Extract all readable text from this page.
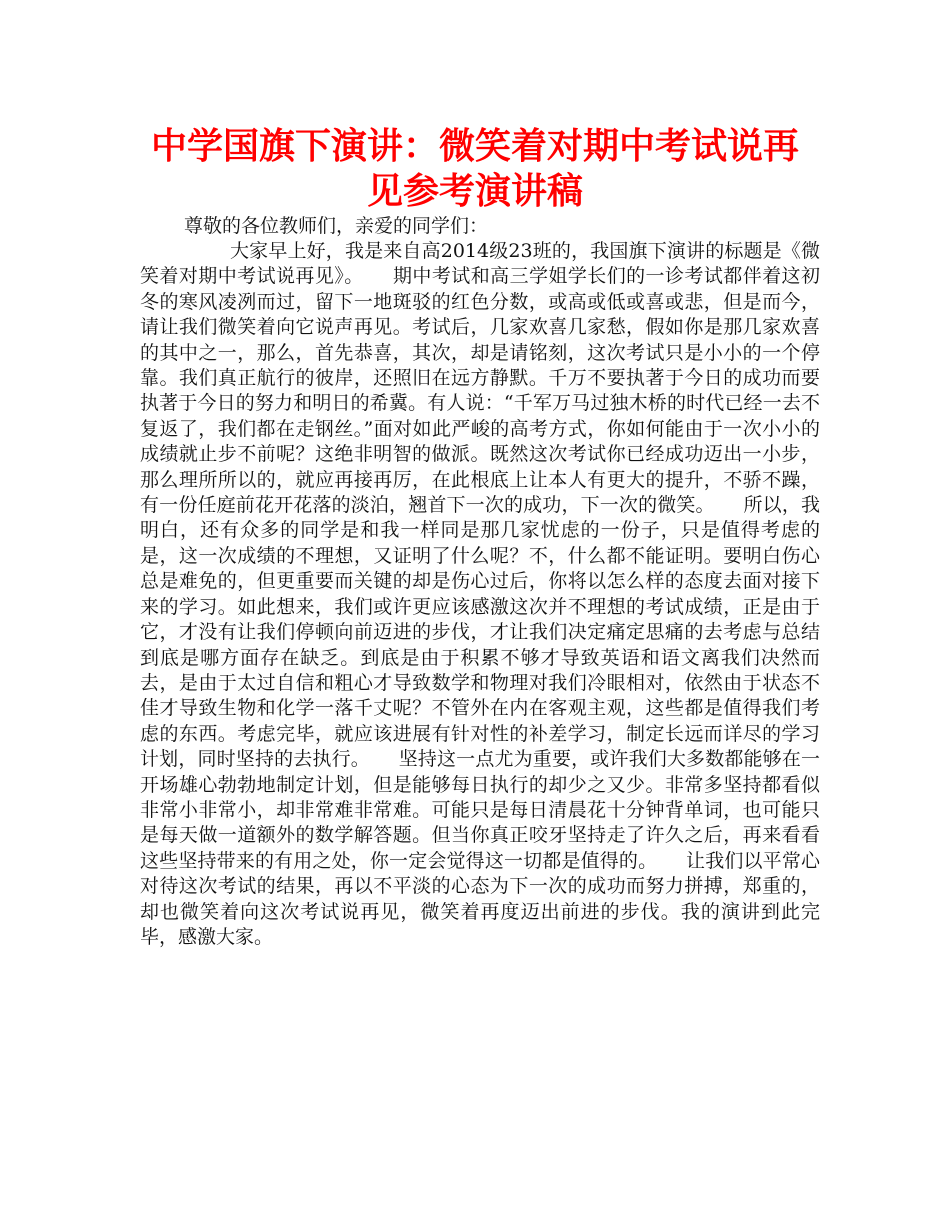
中学国旗下演讲：微笑着对期中考试说再见参考演讲稿

尊敬的各位教师们，亲爱的同学们：

大家早上好，我是来自高2014级23班的，我国旗下演讲的标题是《微笑着对期中考试说再见》。　　期中考试和高三学姐学长们的一诊考试都伴着这初冬的寒风凌冽而过，留下一地斑驳的红色分数，或高或低或喜或悲，但是而今，请让我们微笑着向它说声再见。考试后，几家欢喜几家愁，假如你是那几家欢喜的其中之一，那么，首先恭喜，其次，却是请铭刻，这次考试只是小小的一个停靠。我们真正航行的彼岸，还照旧在远方静默。千万不要执著于今日的成功而要执著于今日的努力和明日的希冀。有人说：“千军万马过独木桥的时代已经一去不复返了，我们都在走钢丝。”面对如此严峻的高考方式，你如何能由于一次小小的成绩就止步不前呢？这绝非明智的做派。既然这次考试你已经成功迈出一小步，那么理所所以的，就应再接再厉，在此根底上让本人有更大的提升，不骄不躁，有一份任庭前花开花落的淡泊，翘首下一次的成功，下一次的微笑。　　所以，我明白，还有众多的同学是和我一样同是那几家忧虑的一份子，只是值得考虑的是，这一次成绩的不理想，又证明了什么呢？不，什么都不能证明。要明白伤心总是难免的，但更重要而关键的却是伤心过后，你将以怎么样的态度去面对接下来的学习。如此想来，我们或许更应该感激这次并不理想的考试成绩，正是由于它，才没有让我们停顿向前迈进的步伐，才让我们决定痛定思痛的去考虑与总结到底是哪方面存在缺乏。到底是由于积累不够才导致英语和语文离我们决然而去，是由于太过自信和粗心才导致数学和物理对我们冷眼相对，依然由于状态不佳才导致生物和化学一落千丈呢？不管外在内在客观主观，这些都是值得我们考虑的东西。考虑完毕，就应该进展有针对性的补差学习，制定长远而详尽的学习计划，同时坚持的去执行。　　坚持这一点尤为重要，或许我们大多数都能够在一开场雄心勃勃地制定计划，但是能够每日执行的却少之又少。非常多坚持都看似非常小非常小，却非常难非常难。可能只是每日清晨花十分钟背单词，也可能只是每天做一道额外的数学解答题。但当你真正咬牙坚持走了许久之后，再来看看这些坚持带来的有用之处，你一定会觉得这一切都是值得的。　　让我们以平常心对待这次考试的结果，再以不平淡的心态为下一次的成功而努力拼搏，郑重的，却也微笑着向这次考试说再见，微笑着再度迈出前进的步伐。我的演讲到此完毕，感激大家。
